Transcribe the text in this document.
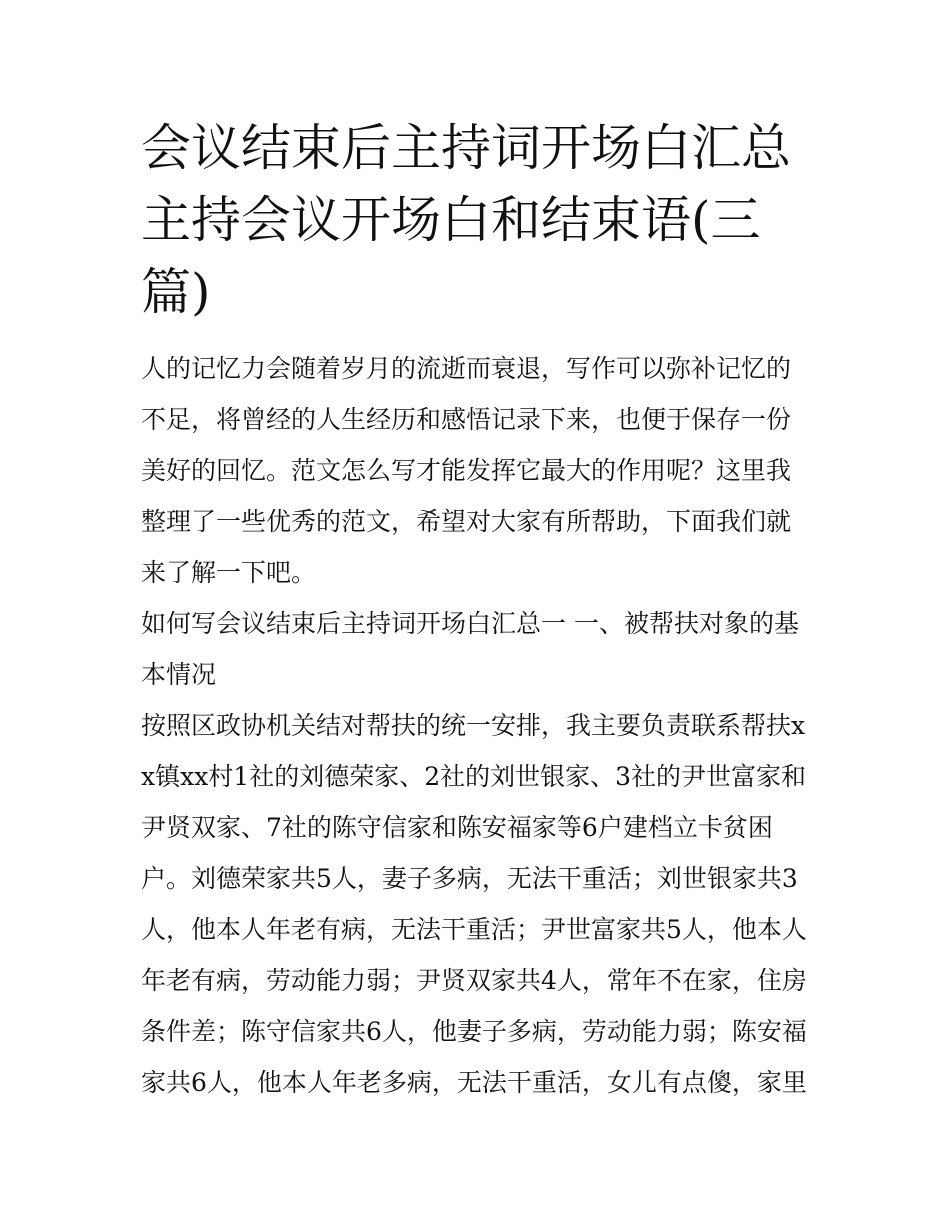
会议结束后主持词开场白汇总主持会议开场白和结束语(三篇)

人的记忆力会随着岁月的流逝而衰退，写作可以弥补记忆的不足，将曾经的人生经历和感悟记录下来，也便于保存一份美好的回忆。范文怎么写才能发挥它最大的作用呢？这里我整理了一些优秀的范文，希望对大家有所帮助，下面我们就来了解一下吧。

如何写会议结束后主持词开场白汇总一 一、被帮扶对象的基本情况

按照区政协机关结对帮扶的统一安排，我主要负责联系帮扶xx镇xx村1社的刘德荣家、2社的刘世银家、3社的尹世富家和尹贤双家、7社的陈守信家和陈安福家等6户建档立卡贫困户。刘德荣家共5人，妻子多病，无法干重活；刘世银家共3人，他本人年老有病，无法干重活；尹世富家共5人，他本人年老有病，劳动能力弱；尹贤双家共4人，常年不在家，住房条件差；陈守信家共6人，他妻子多病，劳动能力弱；陈安福家共6人，他本人年老多病，无法干重活，女儿有点傻，家里
